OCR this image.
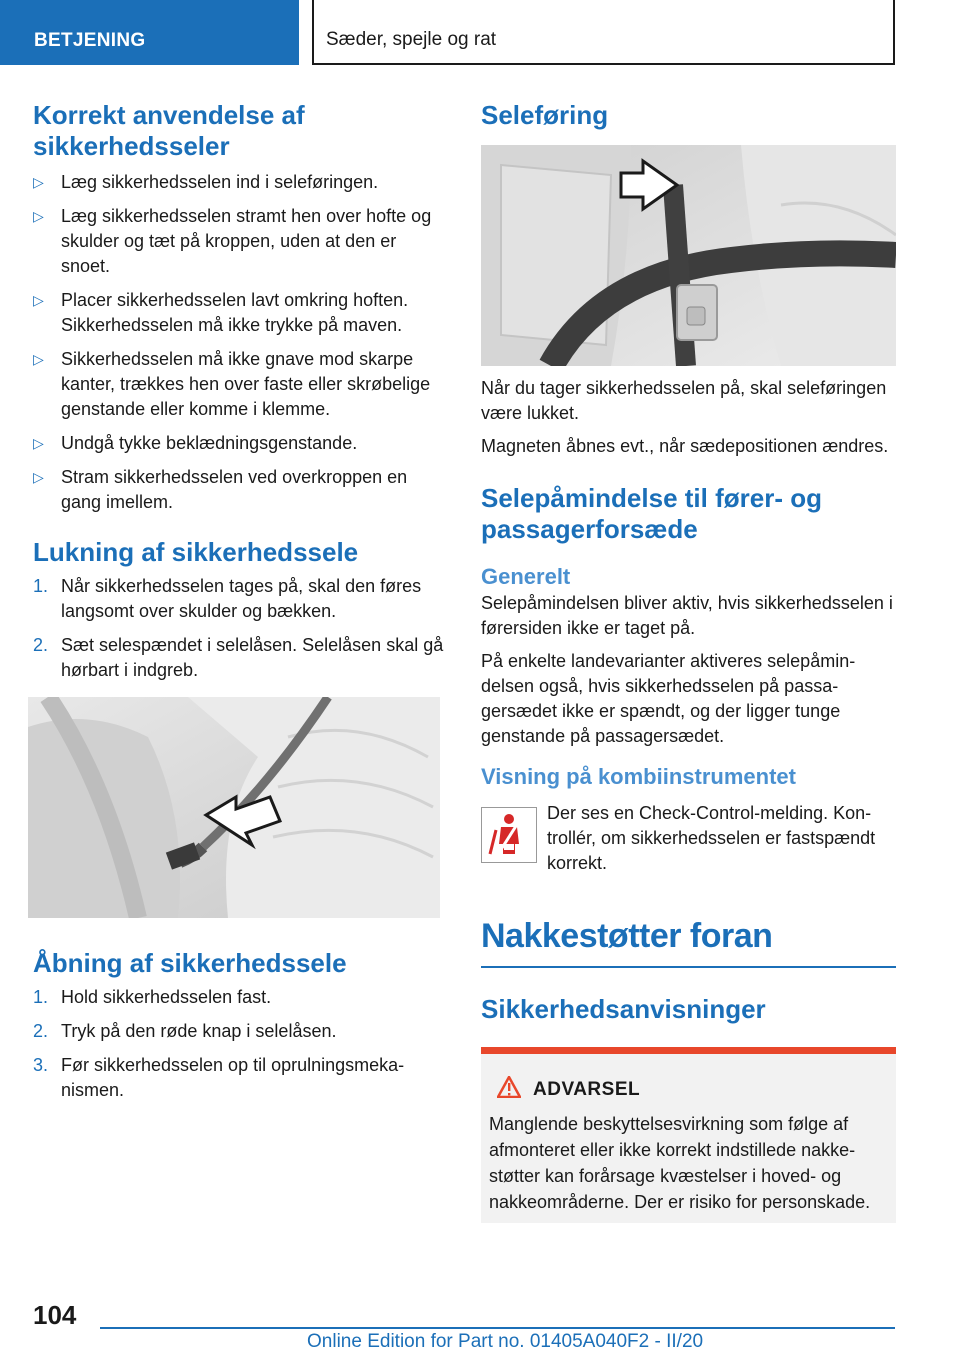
BETJENING	Sæder, spejle og rat
Korrekt anvendelse af sikkerhedsseler
▷ Læg sikkerhedsselen ind i seleføringen.
▷ Læg sikkerhedsselen stramt hen over hofte og skulder og tæt på kroppen, uden at den er snoet.
▷ Placer sikkerhedsselen lavt omkring hoften. Sikkerhedsselen må ikke trykke på maven.
▷ Sikkerhedsselen må ikke gnave mod skarpe kanter, trækkes hen over faste eller skrøbelige genstande eller komme i klemme.
▷ Undgå tykke beklædningsgenstande.
▷ Stram sikkerhedsselen ved overkroppen en gang imellem.
Lukning af sikkerhedssele
1. Når sikkerhedsselen tages på, skal den føres langsomt over skulder og bækken.
2. Sæt selespændet i selelåsen. Selelåsen skal gå hørbart i indgreb.
Åbning af sikkerhedssele
1. Hold sikkerhedsselen fast.
2. Tryk på den røde knap i selelåsen.
3. Før sikkerhedsselen op til oprulningsmekanismen.
Seleføring

Når du tager sikkerhedsselen på, skal seleføringen være lukket.

Magneten åbnes evt., når sædepositionen ændres.

Selepåmindelse til fører- og passagerforsæde
Generelt

Selepåmindelsen bliver aktiv, hvis sikkerhedsselen i førersiden ikke er taget på.

På enkelte landevarianter aktiveres selepåmindelsen også, hvis sikkerhedsselen på passagersædet ikke er spændt, og der ligger tunge genstande på passagersædet.

Visning på kombiinstrumentet

Der ses en Check-Control-melding. Kontrollér, om sikkerhedsselen er fastspændt korrekt.

Nakkestøtter foran
Sikkerhedsanvisninger
ADVARSEL

Manglende beskyttelsesvirkning som følge af afmonteret eller ikke korrekt indstillede nakkestøtter kan forårsage kvæstelser i hoved- og nakkeområderne. Der er risiko for personskade.

104
Online Edition for Part no. 01405A040F2 - II/20
